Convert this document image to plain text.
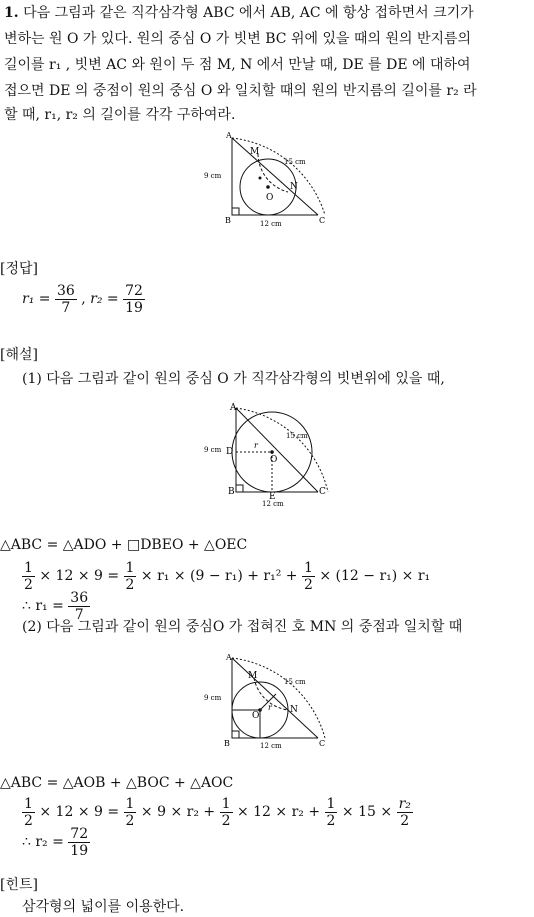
1. 다음 그림과 같은 직각삼각형 ABC 에서 AB, AC 에 항상 접하면서 크기가
변하는 원 O 가 있다. 원의 중심 O 가 빗변 BC 위에 있을 때의 원의 반지름의
길이를 r₁ , 빗변 AC 와 원이 두 점 M, N 에서 만날 때, DE 를 DE 에 대하여
접으면 DE 의 중점이 원의 중심 O 와 일치할 때의 원의 반지름의 길이를 r₂ 라
할 때, r₁, r₂ 의 길이를 각각 구하여라.
A
B	C
M
N
O
9 cm
12 cm
15 cm
[정답]
$r_1 = \frac{36}{7}$ , $r_2 = \frac{72}{19}$
[해설]
(1) 다음 그림과 같이 원의 중심 O 가 직각삼각형의 빗변위에 있을 때,
A
B	C
D
E
O
r
9 cm
12 cm
15 cm
△ABC = △ADO + □DBEO + △OEC
$\frac{1}{2} \times 12 \times 9 = \frac{1}{2} \times r_1 \times (9 - r_1) + r_1^2 + \frac{1}{2} \times (12 - r_1) \times r_1$
∴ $r_1 = \frac{36}{7}$
(2) 다음 그림과 같이 원의 중심O 가 접혀진 호 MN 의 중점과 일치할 때
A
B	C
M
N
O
r
9 cm
12 cm
15 cm
△ABC = △AOB + △BOC + △AOC
$\frac{1}{2} \times 12 \times 9 = \frac{1}{2} \times 9 \times r_2 + \frac{1}{2} \times 12 \times r_2 + \frac{1}{2} \times 15 \times \frac{\text{r₂}}{2}$
∴ $r_2 = \frac{72}{19}$
[힌트]
삼각형의 넓이를 이용한다.
